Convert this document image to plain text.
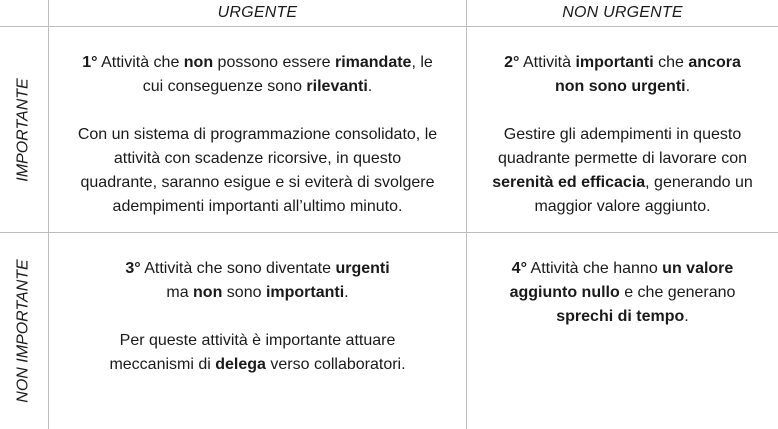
URGENTE	NON URGENTE
IMPORTANTE

1° Attività che non possono essere rimandate, le
cui conseguenze sono rilevanti.

Con un sistema di programmazione consolidato, le
attività con scadenze ricorsive, in questo
quadrante, saranno esigue e si eviterà di svolgere
adempimenti importanti all’ultimo minuto.

2° Attività importanti che ancora
non sono urgenti.

Gestire gli adempimenti in questo
quadrante permette di lavorare con
serenità ed efficacia, generando un
maggior valore aggiunto.

NON IMPORTANTE	3° Attività che sono diventate urgenti
ma non sono importanti.

Per queste attività è importante attuare
meccanismi di delega verso collaboratori.

4° Attività che hanno un valore
aggiunto nullo e che generano
sprechi di tempo.
